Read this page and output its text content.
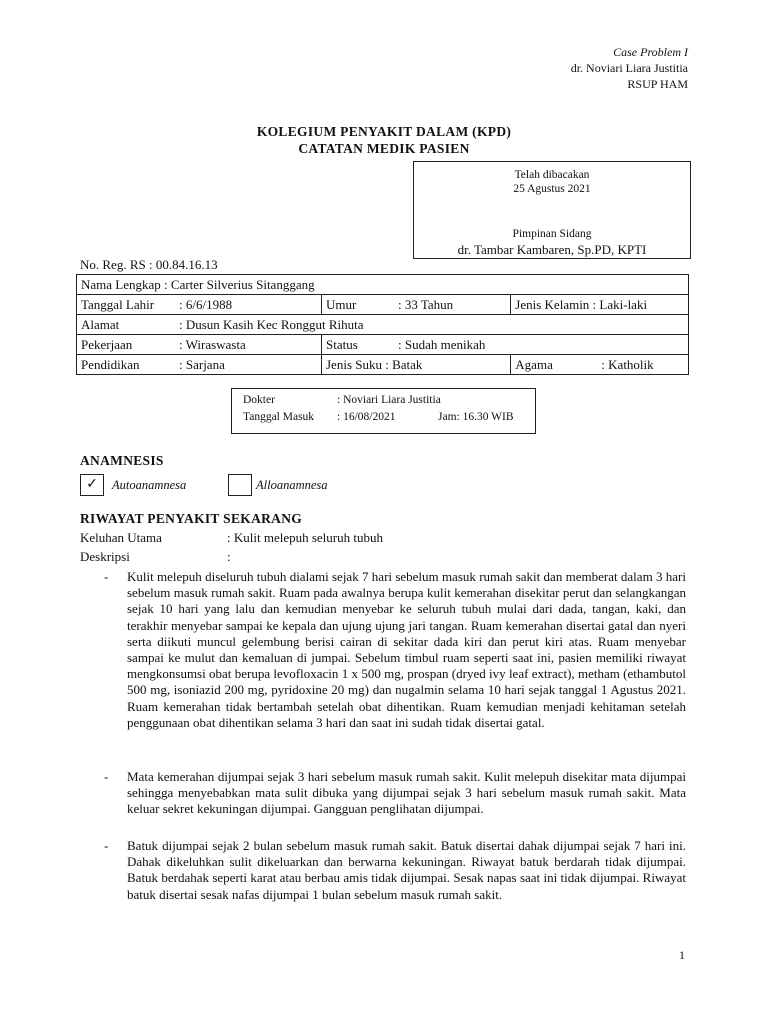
Case Problem I
dr. Noviari Liara Justitia
RSUP HAM
KOLEGIUM PENYAKIT DALAM (KPD)
CATATAN MEDIK PASIEN
Telah dibacakan
25 Agustus 2021
Pimpinan Sidang
dr. Tambar Kambaren, Sp.PD, KPTI
No. Reg. RS : 00.84.16.13
Nama Lengkap : Carter Silverius Sitanggang		
Tanggal Lahir : 6/6/1988	Umur : 33 Tahun	Jenis Kelamin : Laki-laki
Alamat : Dusun Kasih Kec Ronggut Rihuta		
Pekerjaan : Wiraswasta	Status : Sudah menikah	
Pendidikan : Sarjana	Jenis Suku : Batak	Agama : Katholik
Dokter	: Noviari Liara Justitia
Tanggal Masuk : 16/08/2021	Jam: 16.30 WIB
ANAMNESIS
✓	Autoanamnesa	Alloanamnesa
RIWAYAT PENYAKIT SEKARANG
Keluhan Utama	: Kulit melepuh seluruh tubuh
Deskripsi	:
- Kulit melepuh diseluruh tubuh dialami sejak 7 hari sebelum masuk rumah sakit dan memberat dalam 3 hari sebelum masuk rumah sakit. Ruam pada awalnya berupa kulit kemerahan disekitar perut dan selangkangan sejak 10 hari yang lalu dan kemudian menyebar ke seluruh tubuh mulai dari dada, tangan, kaki, dan terakhir menyebar sampai ke kepala dan ujung ujung jari tangan. Ruam kemerahan disertai gatal dan nyeri serta diikuti muncul gelembung berisi cairan di sekitar dada kiri dan perut kiri atas. Ruam menyebar sampai ke mulut dan kemaluan di jumpai. Sebelum timbul ruam seperti saat ini, pasien memiliki riwayat mengkonsumsi obat berupa levofloxacin 1 x 500 mg, prospan (dryed ivy leaf extract), metham (ethambutol 500 mg, isoniazid 200 mg, pyridoxine 20 mg) dan nugalmin selama 10 hari sejak tanggal 1 Agustus 2021. Ruam kemerahan tidak bertambah setelah obat dihentikan. Ruam kemudian menjadi kehitaman setelah penggunaan obat dihentikan selama 3 hari dan saat ini sudah tidak disertai gatal.
- Mata kemerahan dijumpai sejak 3 hari sebelum masuk rumah sakit. Kulit melepuh disekitar mata dijumpai sehingga menyebabkan mata sulit dibuka yang dijumpai sejak 3 hari sebelum masuk rumah sakit. Mata keluar sekret kekuningan dijumpai. Gangguan penglihatan dijumpai.
- Batuk dijumpai sejak 2 bulan sebelum masuk rumah sakit. Batuk disertai dahak dijumpai sejak 7 hari ini. Dahak dikeluhkan sulit dikeluarkan dan berwarna kekuningan. Riwayat batuk berdarah tidak dijumpai. Batuk berdahak seperti karat atau berbau amis tidak dijumpai. Sesak napas saat ini tidak dijumpai. Riwayat batuk disertai sesak nafas dijumpai 1 bulan sebelum masuk rumah sakit.
1
